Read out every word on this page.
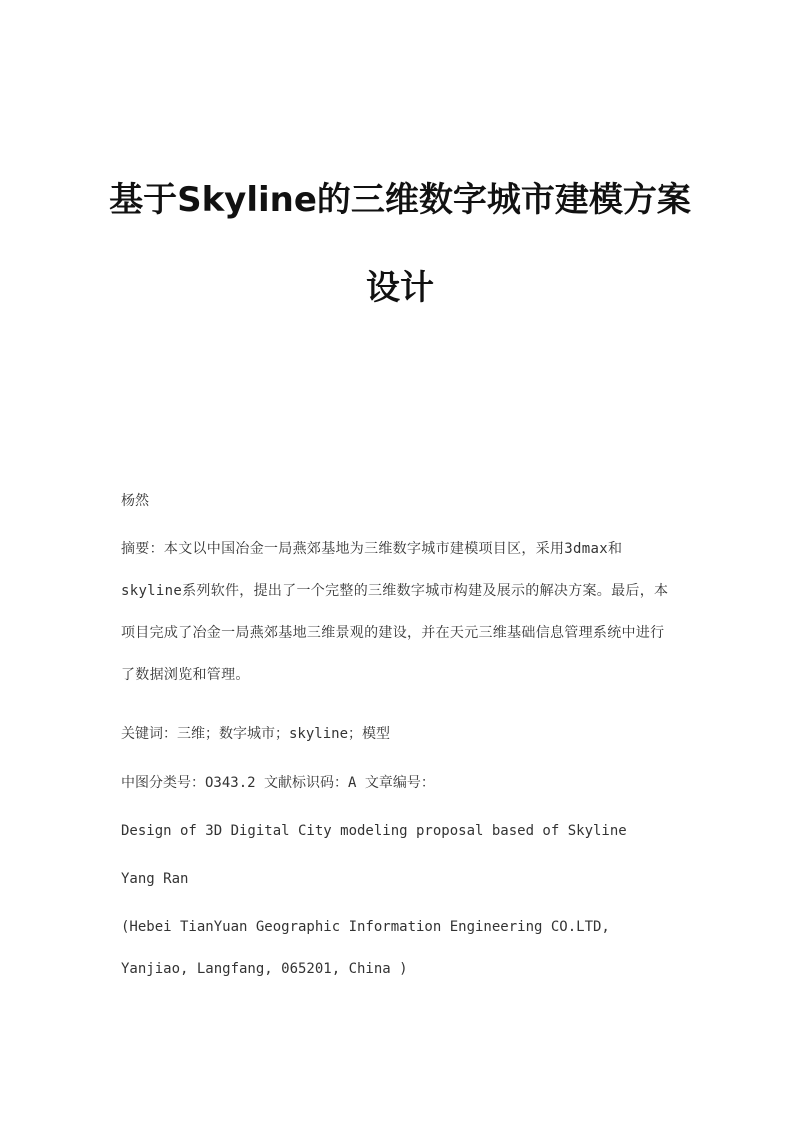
基于Skyline的三维数字城市建模方案
设计

杨然

摘要：本文以中国冶金一局燕郊基地为三维数字城市建模项目区，采用3dmax和skyline系列软件，提出了一个完整的三维数字城市构建及展示的解决方案。最后，本项目完成了冶金一局燕郊基地三维景观的建设，并在天元三维基础信息管理系统中进行了数据浏览和管理。

关键词：三维；数字城市；skyline；模型

中图分类号：O343.2 文献标识码：A 文章编号：

Design of 3D Digital City modeling proposal based of Skyline

Yang Ran

(Hebei TianYuan Geographic Information Engineering CO.LTD, Yanjiao, Langfang, 065201, China )
